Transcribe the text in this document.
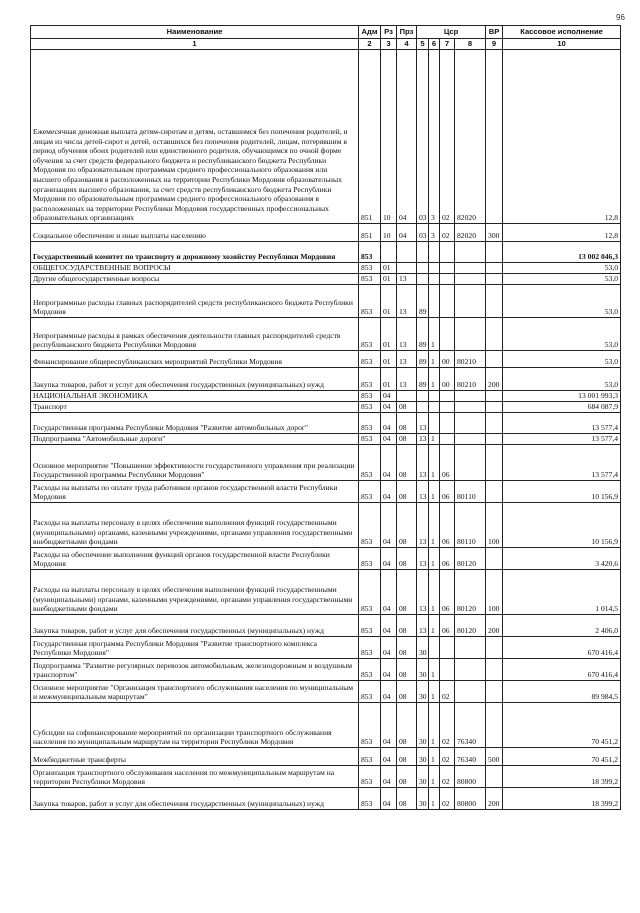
96
Наименование	Адм	Рз	Прз	Цср				ВР	Кассовое исполнение
1	2	3	4	5	6	7	8	9	10
Ежемесячная денежная выплата детям-сиротам и детям, оставшимся без попечения родителей, и лицам из числа детей-сирот и детей, оставшихся без попечения родителей, лицам, потерявшим в период обучения обоих родителей или единственного родителя, обучающимся по очной форме обучения за счет средств федерального бюджета и республиканского бюджета Республики Мордовия по образовательным программам среднего профессионального образования или высшего образования в расположенных на территории Республики Мордовия образовательных организациях высшего образования, за счет средств республиканского бюджета Республики Мордовия по образовательным программам среднего профессионального образования в расположенных на территории Республики Мордовия государственных профессиональных образовательных организациях	851	10	04	03	3	02	82020		12,8
Социальное обеспечение и иные выплаты населению	851	10	04	03	3	02	82020	300	12,8
Государственный комитет по транспорту и дорожному хозяйству Республики Мордовия	853								13 002 046,3
ОБЩЕГОСУДАРСТВЕННЫЕ ВОПРОСЫ	853	01							53,0
Другие общегосударственные вопросы	853	01	13						53,0
Непрограммные расходы главных распорядителей средств республиканского бюджета Республики Мордовия	853	01	13	89					53,0
Непрограммные расходы в рамках обеспечения деятельности главных распорядителей средств республиканского бюджета Республики Мордовия	853	01	13	89	1				53,0
Финансирование общереспубликанских мероприятий Республики Мордовия	853	01	13	89	1	00	80210		53,0
Закупка товаров, работ и услуг для обеспечения государственных (муниципальных) нужд	853	01	13	89	1	00	80210	200	53,0
НАЦИОНАЛЬНАЯ ЭКОНОМИКА	853	04							13 001 993,3
Транспорт	853	04	08						684 087,9
Государственная программа Республики Мордовия "Развитие автомобильных дорог"	853	04	08	13					13 577,4
Подпрограмма "Автомобильные дороги"	853	04	08	13	1				13 577,4
Основное мероприятие "Повышение эффективности государственного управления при реализации Государственной программы Республики Мордовия"	853	04	08	13	1	06			13 577,4
Расходы на выплаты по оплате труда работников органов государственной власти Республики Мордовия	853	04	08	13	1	06	80110		10 156,9
Расходы на выплаты персоналу в целях обеспечения выполнения функций государственными (муниципальными) органами, казенными учреждениями, органами управления государственными внебюджетными фондами	853	04	08	13	1	06	80110	100	10 156,9
Расходы на обеспечение выполнения функций органов государственной власти Республики Мордовия	853	04	08	13	1	06	80120		3 420,6
Расходы на выплаты персоналу в целях обеспечения выполнения функций государственными (муниципальными) органами, казенными учреждениями, органами управления государственными внебюджетными фондами	853	04	08	13	1	06	80120	100	1 014,5
Закупка товаров, работ и услуг для обеспечения государственных (муниципальных) нужд	853	04	08	13	1	06	80120	200	2 406,0
Государственная программа Республики Мордовия "Развитие транспортного комплекса Республики Мордовия"	853	04	08	30					670 416,4
Подпрограмма "Развитие регулярных перевозок автомобильным, железнодорожным и воздушным транспортом"	853	04	08	30	1				670 416,4
Основное мероприятие "Организация транспортного обслуживания населения по муниципальным и межмуниципальным маршрутам"	853	04	08	30	1	02			89 984,5
Субсидии на софинансирование мероприятий по организации транспортного обслуживания населения по муниципальным маршрутам на территории Республики Мордовия	853	04	08	30	1	02	76340		70 451,2
Межбюджетные трансферты	853	04	08	30	1	02	76340	500	70 451,2
Организация транспортного обслуживания населения по межмуниципальным маршрутам на территории Республики Мордовия	853	04	08	30	1	02	80800		18 399,2
Закупка товаров, работ и услуг для обеспечения государственных (муниципальных) нужд	853	04	08	30	1	02	80800	200	18 399,2
